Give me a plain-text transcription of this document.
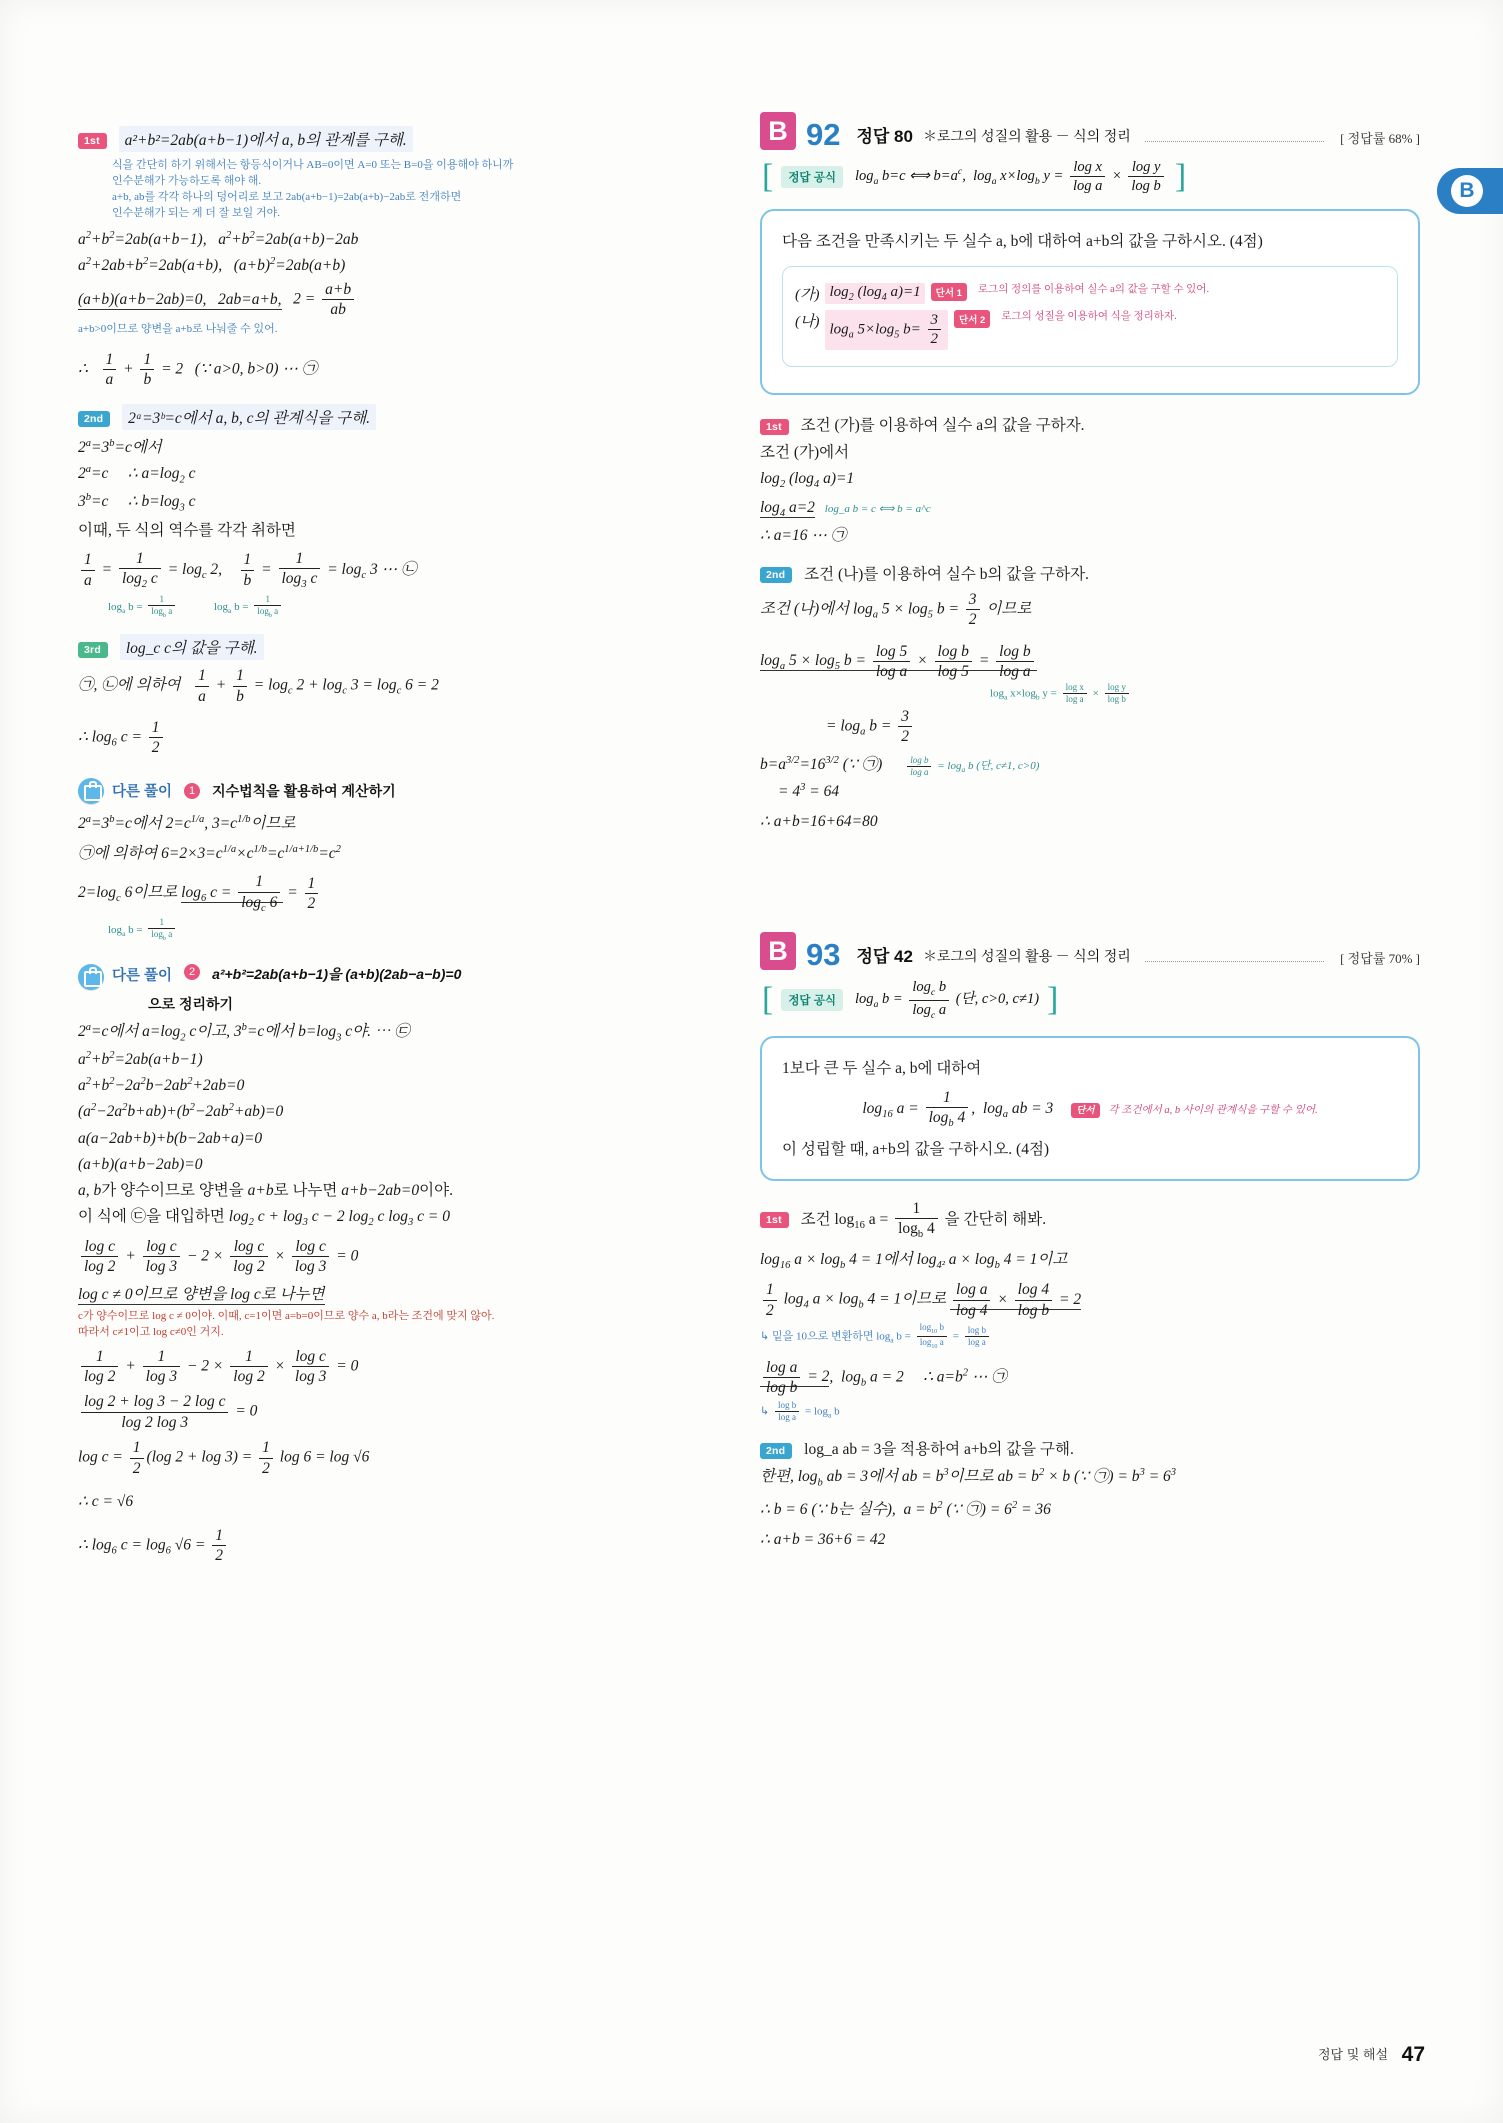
B
1st a²+b²=2ab(a+b−1)에서 a, b의 관계를 구해.
식을 간단히 하기 위해서는 항등식이거나 AB=0이면 A=0 또는 B=0을 이용해야 하니까
인수분해가 가능하도록 해야 해.
a+b, ab를 각각 하나의 덩어리로 보고 2ab(a+b−1)=2ab(a+b)−2ab로 전개하면
인수분해가 되는 게 더 잘 보일 거야.
$a^2+b^2=2ab(a+b-1)$,   $a^2+b^2=2ab(a+b)-2ab$
$a^2+2ab+b^2=2ab(a+b)$,   $(a+b)^2=2ab(a+b)$
(a+b)(a+b−2ab)=0,   2ab=a+b,   $2 = \frac{a+b}{ab}$
a+b>0이므로 양변을 a+b로 나눠줄 수 있어.
∴ $\frac{1}{a} + \frac{1}{b} = 2$   (∵ a>0, b>0) ⋯ ㉠
2nd 2ᵃ=3ᵇ=c에서 a, b, c의 관계식을 구해.
$2^a=3^b=c$에서
$2^a=c$     ∴ $a=\log_2$ c
$3^b=c$     ∴ $b=\log_3$ c
이때, 두 식의 역수를 각각 취하면
$\frac{1}{a} = \frac{1}{\log_2 c} = \log_c 2$, $\frac{1}{b} = \frac{1}{\log_3 c} = \log_c 3$ ⋯ ㉡
$\log_a b = \frac{1}{\log_b a} \log_a b = \frac{1}{\log_b a}$
3rd log_c c의 값을 구해.
㉠, ㉡에 의하여 $\frac{1}{a} + \frac{1}{b} = \log_c 2 + \log_c 3 = \log_c 6 = 2$
∴ $\log_6 c = \frac{1}{2}$
다른 풀이	1	지수법칙을 활용하여 계산하기
$2^a=3^b=c$에서 $2=c^{1/a}$, $3=c^{1/b}$이므로
㉠에 의하여 $6=2\times 3=c^{1/a}\times c^{1/b}=c^{1/a+1/b}=c^2$
$2=\log_c$ 6이므로 $\log_6 c = \frac{1}{\log_c 6} = \frac{1}{2}$
$\log_a b = \frac{1}{\log_b a}$
다른 풀이	2	a²+b²=2ab(a+b−1)을 (a+b)(2ab−a−b)=0
으로 정리하기
$2^a=c$에서 $a=\log_2$ c이고, $3^b=c$에서 $b=\log_3$ c야. ⋯ ㉢
$a^2+b^2=2ab(a+b-1)$
$a^2+b^2-2a^2b-2ab^2+2ab=0$
$(a^2-2a^2b+ab)+(b^2-2ab^2+ab)=0$
a(a−2ab+b)+b(b−2ab+a)=0
(a+b)(a+b−2ab)=0
a, b가 양수이므로 양변을 a+b로 나누면 a+b−2ab=0이야.
이 식에 ㉢을 대입하면 $\log_2 c + \log_3 c - 2$ $\log_2 c$ $\log_3 c = 0$
$\frac{\text{log c}}{\log 2} + \frac{\text{log c}}{\log 3} - 2 \times \frac{\text{log c}}{\log 2} \times \frac{\text{log c}}{\log 3} = 0$
log c ≠ 0이므로 양변을 log c로 나누면
c가 양수이므로 log c ≠ 0이야. 이때, c=1이면 a=b=0이므로 양수 a, b라는 조건에 맞지 않아.
따라서 c≠1이고 log c≠0인 거지.
$\frac{1}{\log 2} + \frac{1}{\log 3} - 2 \times \frac{1}{\log 2} \times \frac{\text{log c}}{\log 3} = 0$
$\frac{\text{log 2 + log 3 − 2 log c}}{\log 2 \log 3} = 0$
$\log c = \frac{1}{2} (\log$ $2 + \log 3) = \frac{1}{2}$ log 6 = log √6
∴ c = √6
∴ $\log_6 c = \log_6 √6 = \frac{1}{2}$
B 92 정답 80 ＊로그의 성질의 활용 － 식의 정리	[ 정답률 68% ]
[	정답 공식	$\log_a b=c$ ⟺ $b=a^c$,  $\log_a x\times\log_b$ $y = \frac{\text{log x}}{\text{log a}} \times \frac{\text{log y}}{\text{log b}}$ ]
다음 조건을 만족시키는 두 실수 a, b에 대하여 a+b의 값을 구하시오. (4점)
(가) $\log_2 (\log_4$ a)=1	단서 1	로그의 정의를 이용하여 실수 a의 값을 구할 수 있어.
(나) $\log_a 5\times\log_5$ $b= \frac{3}{2}$	단서 2	로그의 성질을 이용하여 식을 정리하자.
1st 조건 (가)를 이용하여 실수 a의 값을 구하자.
조건 (가)에서
$\log_2 (\log_4$ a)=1
$\log_4 a=2$ log_a b = c ⟺ b = a^c
∴ a=16 ⋯ ㉠
2nd 조건 (나)를 이용하여 실수 b의 값을 구하자.
조건 (나)에서 $\log_a 5 \times \log_5 b = \frac{3}{2}$ 이므로
$\log_a 5 \times \log_5 b = \frac{\log 5}{\text{log a}} \times \frac{\text{log b}}{\log 5} = \frac{\text{log b}}{\text{log a}}$
$\log_a x\times\log_b$ $y = \frac{\text{log x}}{\text{log a}} \times \frac{\text{log y}}{\text{log b}}$
= $\log_a b = \frac{3}{2}$
$b=a^{3/2}=16^{3/2}$ (∵ ㉠) $\frac{\text{log b}}{\text{log a}} = \log_a b$ (단, c≠1, c>0)
= $4^3 = 64$
∴ a+b=16+64=80
B 93 정답 42 ＊로그의 성질의 활용 － 식의 정리	[ 정답률 70% ]
[	정답 공식	$\log_a b = \frac{\log_c b}{\log_c a}$ (단, c>0, c≠1) ]
1보다 큰 두 실수 a, b에 대하여
$\log_{16} a = \frac{1}{\log_b 4}$ ,  $\log_a$ ab = 3 단서 각 조건에서 a, b 사이의 관계식을 구할 수 있어.
이 성립할 때, a+b의 값을 구하시오. (4점)
1st 조건 $\log_{16} a = \frac{1}{\log_b 4}$ 을 간단히 해봐.
$\log_{16} a \times \log_b 4 = 1$에서 $\log_{4^2} a \times \log_b 4 = 1$이고
$\frac{1}{2} \log_4 a \times \log_b 4 = 1$이므로 $\frac{\text{log a}}{\log 4} \times \frac{\log 4}{\text{log b}} = 2$
↳ 밑을 10으로 변환하면 $\log_a b = \frac{\log_{10} b}{\log_{10} a} = \frac{\text{log b}}{\text{log a}}$
$\frac{\text{log a}}{\text{log b}} = 2$,  $\log_b a = 2$     ∴ $a=b^2$ ⋯ ㉠
↳ $\frac{\text{log b}}{\text{log a}} = \log_a b$
2nd log_a ab = 3을 적용하여 a+b의 값을 구해.
한편, $\log_b$ ab = 3에서 ab = $b^3$이므로 ab = $b^2 \times b$ (∵ ㉠) = $b^3 = 6^3$
∴ b = 6 (∵ b는 실수),  $a = b^2$ (∵ ㉠) = $6^2 = 36$
∴ a+b = 36+6 = 42
정답 및 해설 47
